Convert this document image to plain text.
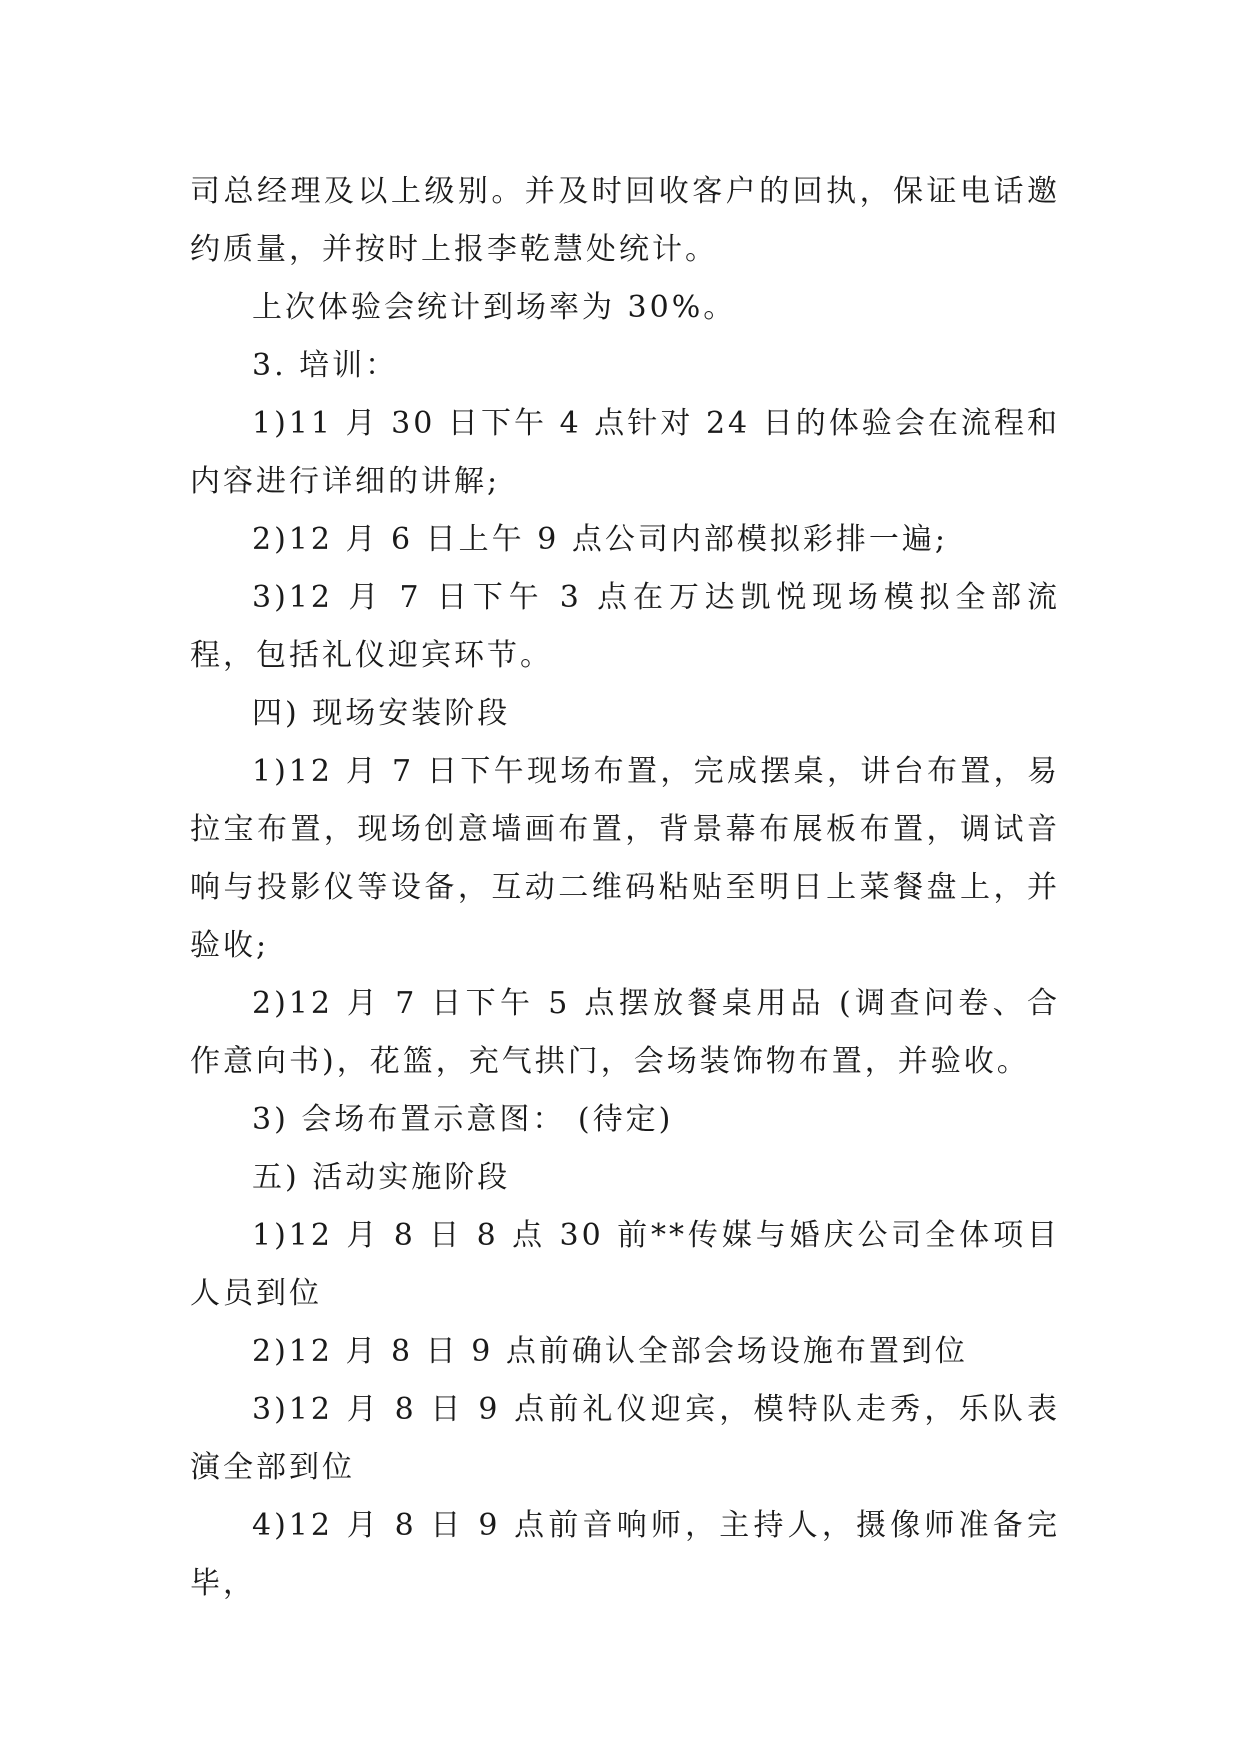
司总经理及以上级别。并及时回收客户的回执，保证电话邀约质量，并按时上报李乾慧处统计。

上次体验会统计到场率为 30%。

3. 培训：

1)11 月 30 日下午 4 点针对 24 日的体验会在流程和内容进行详细的讲解;

2)12 月 6 日上午 9 点公司内部模拟彩排一遍;

3)12 月 7 日下午 3 点在万达凯悦现场模拟全部流程，包括礼仪迎宾环节。

四) 现场安装阶段

1)12 月 7 日下午现场布置，完成摆桌，讲台布置，易拉宝布置，现场创意墙画布置，背景幕布展板布置，调试音响与投影仪等设备，互动二维码粘贴至明日上菜餐盘上，并验收;

2)12 月 7 日下午 5 点摆放餐桌用品 (调查问卷、合作意向书)，花篮，充气拱门，会场装饰物布置，并验收。

3) 会场布置示意图： (待定)

五) 活动实施阶段

1)12 月 8 日 8 点 30 前**传媒与婚庆公司全体项目人员到位

2)12 月 8 日 9 点前确认全部会场设施布置到位

3)12 月 8 日 9 点前礼仪迎宾，模特队走秀，乐队表演全部到位

4)12 月 8 日 9 点前音响师，主持人，摄像师准备完毕，
